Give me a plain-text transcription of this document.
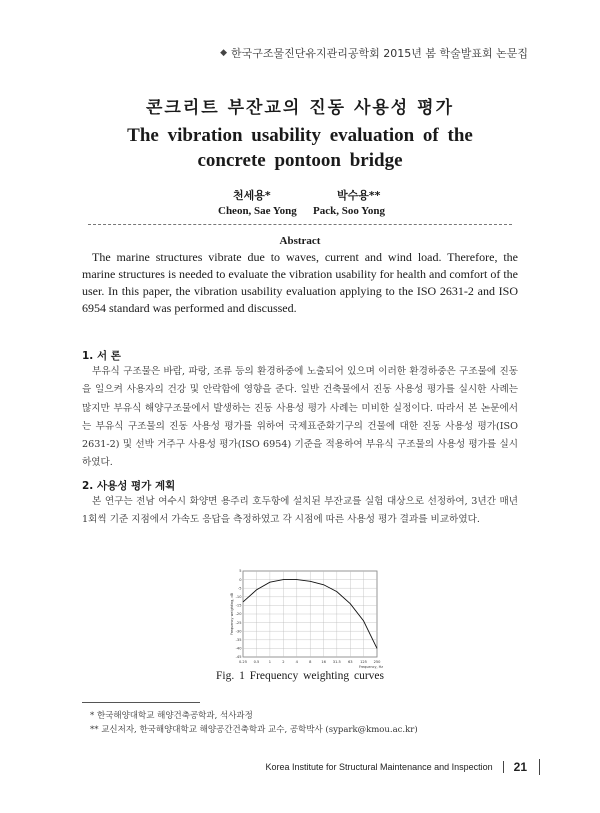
◆ 한국구조물진단유지관리공학회 2015년 봄 학술발표회 논문집
콘크리트 부잔교의 진동 사용성 평가
The vibration usability evaluation of the concrete pontoon bridge
천세용*	박수용**
Cheon, Sae Yong Pack, Soo Yong
Abstract
The marine structures vibrate due to waves, current and wind load. Therefore, the marine structures is needed to evaluate the vibration usability for health and comfort of the user. In this paper, the vibration usability evaluation applying to the ISO 2631-2 and ISO 6954 standard was performed and discussed.
1. 서 론
부유식 구조물은 바람, 파랑, 조류 등의 환경하중에 노출되어 있으며 이러한 환경하중은 구조물에 진동을 일으켜 사용자의 건강 및 안락함에 영향을 준다. 일반 건축물에서 진동 사용성 평가를 실시한 사례는 많지만 부유식 해양구조물에서 발생하는 진동 사용성 평가 사례는 미비한 실정이다. 따라서 본 논문에서는 부유식 구조물의 진동 사용성 평가를 위하여 국제표준화기구의 건물에 대한 진동 사용성 평가(ISO 2631-2) 및 선박 거주구 사용성 평가(ISO 6954) 기준을 적용하여 부유식 구조물의 사용성 평가를 실시하였다.
2. 사용성 평가 계획
본 연구는 전남 여수시 화양면 용주리 호두항에 설치된 부잔교를 실험 대상으로 선정하여, 3년간 매년 1회씩 기준 지점에서 가속도 응답을 측정하였고 각 시점에 따른 사용성 평가 결과를 비교하였다.
0.25 0.5	1	2	4	8	16 31.5 63 125 250
5
0
-5
-10
-15
-20
-25
-30
-35
-40
-45
Frequency weighting, dB
Frequency, Hz
Fig. 1 Frequency weighting curves
* 한국해양대학교 해양건축공학과, 석사과정
** 교신저자, 한국해양대학교 해양공간건축학과 교수, 공학박사 (sypark@kmou.ac.kr)
Korea Institute for Structural Maintenance and Inspection 21
